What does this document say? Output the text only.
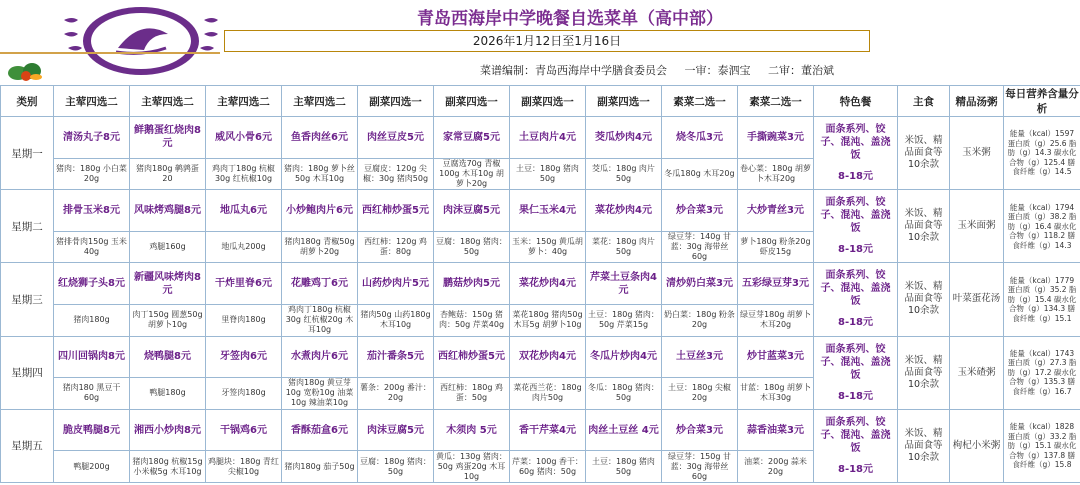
青岛西海岸中学晚餐自选菜单（高中部）
2026年1月12日至1月16日
菜谱编制：青岛西海岸中学膳食委员会 一审：泰泗宝 二审：董治斌
类别	主荤四选二	主荤四选二	主荤四选二	主荤四选二	副菜四选一	副菜四选一	副菜四选一	副菜四选一	素菜二选一	素菜二选一	特色餐	主食	精品汤粥	每日营养含量分析
星期一	清汤丸子8元	鲜鹅蛋红烧肉8元	威风小骨6元	鱼香肉丝6元	肉丝豆皮5元	家常豆腐5元	土豆肉片4元	茭瓜炒肉4元	烧冬瓜3元	手撕豌菜3元	面条系列、饺子、混沌、盖浇饭
8-18元	米饭、精品面食等10余款	玉米粥	能量（kcal）1597 蛋白质（g）25.6 脂肪（g）14.3 碳水化合物（g）125.4 膳食纤维（g）14.5
	猪肉：180g 小白菜20g	猪肉180g 鹌鹑蛋20	鸡肉丁180g 杭椒30g 红杭椒10g	猪肉：180g 萝卜丝50g 木耳10g	豆腐皮：120g 尖椒：30g 猪肉50g	豆腐选70g 青椒100g 木耳10g 胡萝卜20g	土豆：180g 猪肉50g	茭瓜：180g 肉片50g	冬瓜180g 木耳20g	卷心菜：180g 胡萝卜木耳20g				
星期二	排骨玉米8元	风味烤鸡腿8元	地瓜丸6元	小炒鲍肉片6元	西红柿炒蛋5元	肉沫豆腐5元	果仁玉米4元	菜花炒肉4元	炒合菜3元	大炒青丝3元	面条系列、饺子、混沌、盖浇饭
8-18元	米饭、精品面食等10余款	玉米面粥	能量（kcal）1794 蛋白质（g）38.2 脂肪（g）16.4 碳水化合物（g）118.2 膳食纤维（g）14.3
	猪排骨肉150g 玉米40g	鸡腿160g	地瓜丸200g	猪肉180g 青椒50g 胡萝卜20g	西红柿：120g 鸡蛋：80g	豆腐：180g 猪肉：50g	玉米：150g 黄瓜胡萝卜：40g	菜花：180g 肉片50g	绿豆芽：140g 甘蓝：30g 海带丝60g	萝卜180g 粉条20g 虾皮15g				
星期三	红烧狮子头8元	新疆风味烤肉8元	干炸里脊6元	花雕鸡丁6元	山药炒肉片5元	鹏菇炒肉5元	菜花炒肉4元	芹菜土豆条肉4元	清炒奶白菜3元	五彩绿豆芽3元	面条系列、饺子、混沌、盖浇饭
8-18元	米饭、精品面食等10余款	叶菜蛋花汤	能量（kcal）1779 蛋白质（g）35.2 脂肪（g）15.4 碳水化合物（g）134.3 膳食纤维（g）15.1
	猪肉180g	肉丁150g 圆葱50g 胡萝卜10g	里脊肉180g	鸡肉丁180g 杭椒30g 红杭椒20g 木耳10g	猪肉50g 山药180g 木耳10g	杏鲍菇：150g 猪肉：50g 芹菜40g	菜花180g 猪肉50g 木耳5g 胡萝卜10g	土豆：180g 猪肉：50g 芹菜15g	奶白菜：180g 粉条20g	绿豆芽180g 胡萝卜木耳20g				
星期四	四川回锅肉8元	烧鸭腿8元	牙签肉6元	水煮肉片6元	茄汁番条5元	西红柿炒蛋5元	双花炒肉4元	冬瓜片炒肉4元	土豆丝3元	炒甘蓝菜3元	面条系列、饺子、混沌、盖浇饭
8-18元	米饭、精品面食等10余款	玉米碴粥	能量（kcal）1743 蛋白质（g）27.3 脂肪（g）17.2 碳水化合物（g）135.3 膳食纤维（g）16.7
	猪肉180 黑豆干60g	鸭腿180g	牙签肉180g	猪肉180g 黄豆芽10g 宽粉10g 油菜10g 辣油菜10g	薯条：200g 番汁：20g	西红柿：180g 鸡蛋：50g	菜花西兰花：180g 肉片50g	冬瓜：180g 猪肉：50g	土豆：180g 尖椒20g	甘蓝：180g 胡萝卜木耳30g				
星期五	脆皮鸭腿8元	湘西小炒肉8元	干锅鸡6元	香酥茄盒6元	肉沫豆腐5元	木须肉 5元	香干芹菜4元	肉丝土豆丝 4元	炒合菜3元	蒜香油菜3元	面条系列、饺子、混沌、盖浇饭
8-18元	米饭、精品面食等10余款	枸杞小米粥	能量（kcal）1828 蛋白质（g）33.2 脂肪（g）15.1 碳水化合物（g）137.8 膳食纤维（g）15.8
	鸭腿200g	猪肉180g 杭椒15g 小米椒5g 木耳10g	鸡腿块：180g 青红尖椒10g	猪肉180g 茄子50g	豆腐：180g 猪肉：50g	黄瓜：130g 猪肉：50g 鸡蛋20g 木耳10g	芹菜：100g 香干：60g 猪肉：50g	土豆：180g 猪肉50g	绿豆芽：150g 甘蓝：30g 海带丝60g	油菜：200g 蒜米20g				
